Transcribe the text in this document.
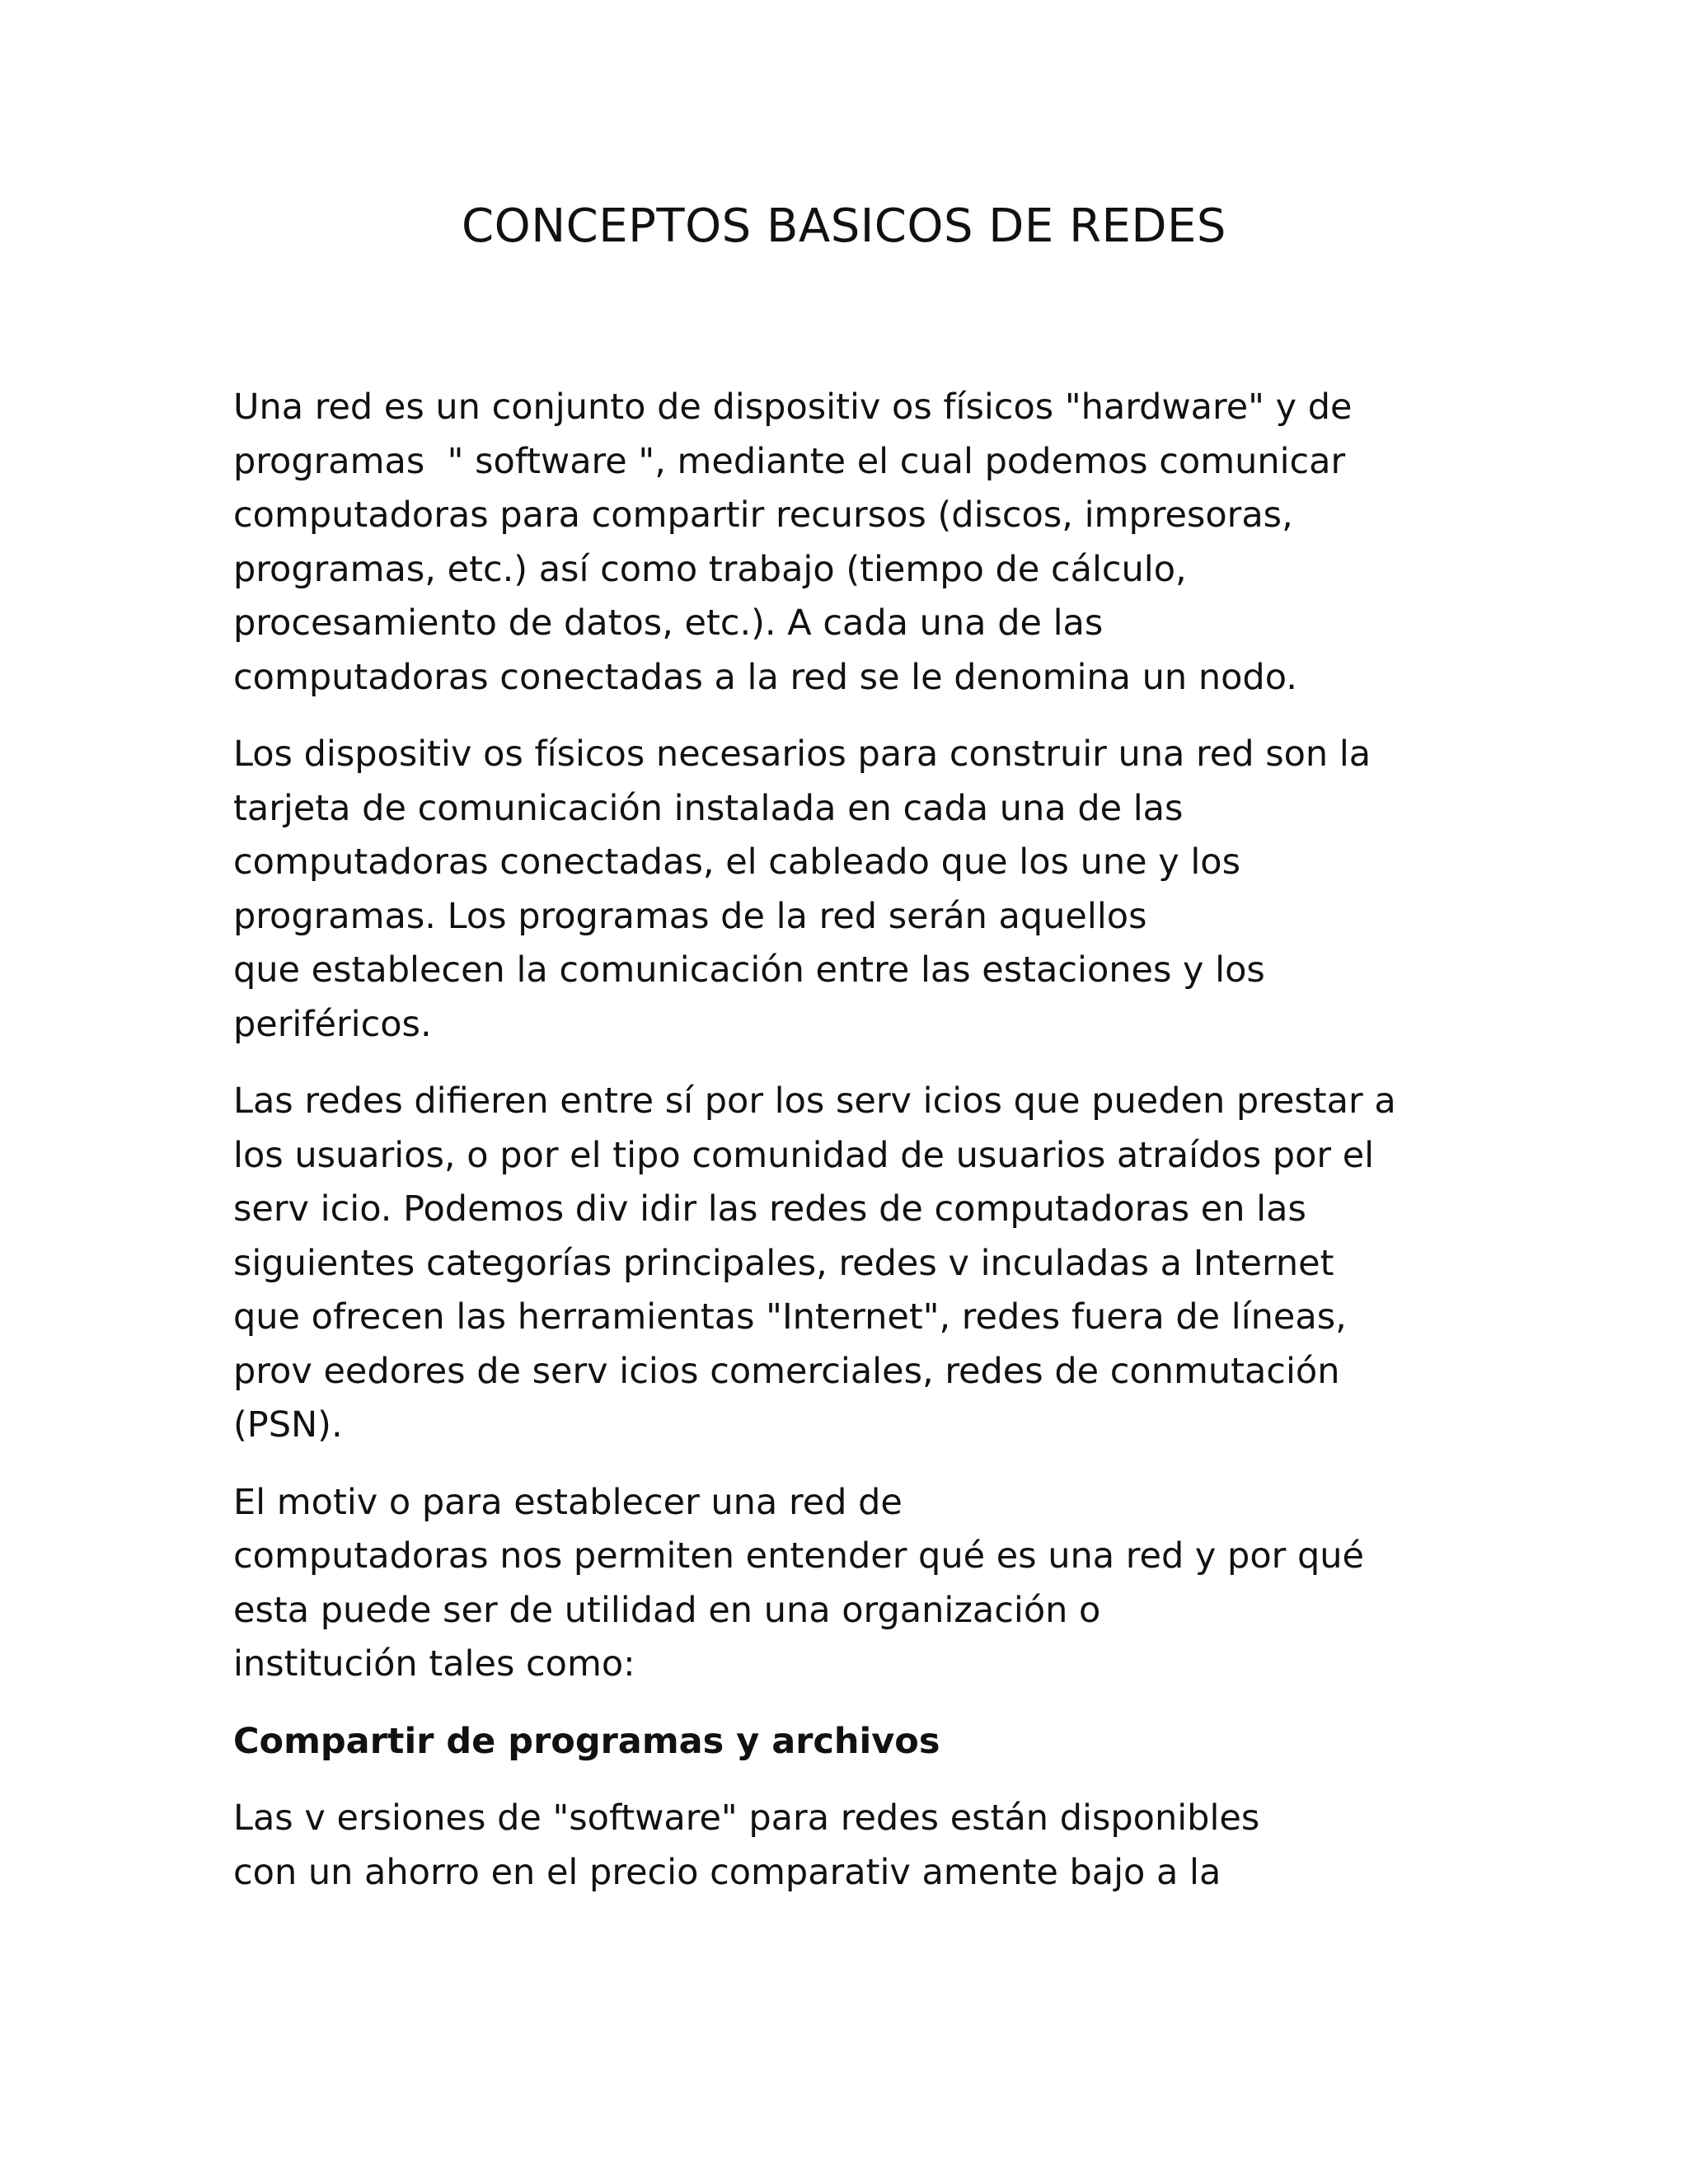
CONCEPTOS BASICOS DE REDES

Una red es un conjunto de dispositiv os físicos "hardware" y de
programas  " software ", mediante el cual podemos comunicar
computadoras para compartir recursos (discos, impresoras,
programas, etc.) así como trabajo (tiempo de cálculo,
procesamiento de datos, etc.). A cada una de las
computadoras conectadas a la red se le denomina un nodo.

Los dispositiv os físicos necesarios para construir una red son la
tarjeta de comunicación instalada en cada una de las
computadoras conectadas, el cableado que los une y los
programas. Los programas de la red serán aquellos
que establecen la comunicación entre las estaciones y los
periféricos.

Las redes difieren entre sí por los serv icios que pueden prestar a
los usuarios, o por el tipo comunidad de usuarios atraídos por el
serv icio. Podemos div idir las redes de computadoras en las
siguientes categorías principales, redes v inculadas a Internet
que ofrecen las herramientas "Internet", redes fuera de líneas,
prov eedores de serv icios comerciales, redes de conmutación
(PSN).

El motiv o para establecer una red de
computadoras nos permiten entender qué es una red y por qué
esta puede ser de utilidad en una organización o
institución tales como:

Compartir de programas y archivos

Las v ersiones de "software" para redes están disponibles
con un ahorro en el precio comparativ amente bajo a la
